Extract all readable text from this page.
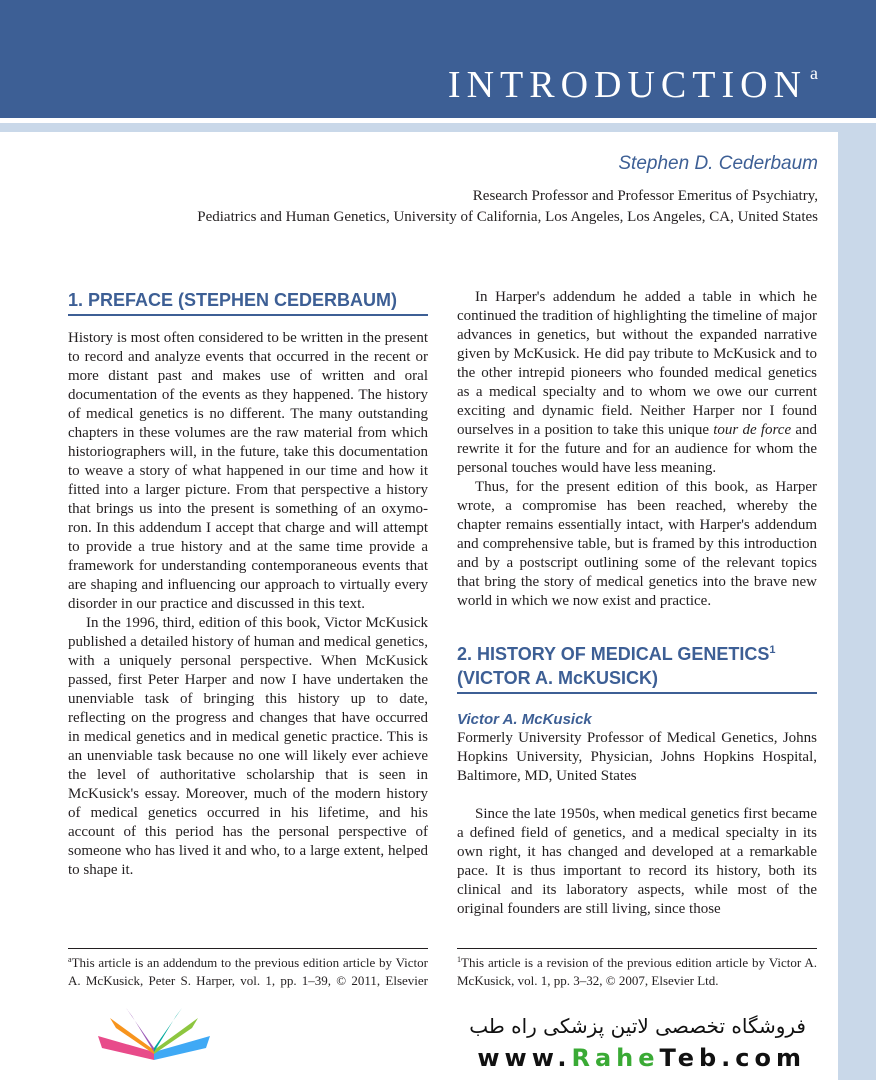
INTRODUCTION $^a$
Stephen D. Cederbaum
Research Professor and Professor Emeritus of Psychiatry,
Pediatrics and Human Genetics, University of California, Los Angeles, Los Angeles, CA, United States
1. PREFACE (STEPHEN CEDERBAUM)

History is most often considered to be written in the present to record and analyze events that occurred in the recent or more distant past and makes use of written and oral documentation of the events as they happened. The history of medical genetics is no different. The many outstanding chapters in these volumes are the raw material from which historiographers will, in the future, take this documentation to weave a story of what happened in our time and how it fitted into a larger picture. From that perspective a history that brings us into the present is something of an oxymoron. In this addendum I accept that charge and will attempt to provide a true history and at the same time provide a framework for understanding contemporaneous events that are shaping and influencing our approach to virtually every disorder in our practice and discussed in this text.

In the 1996, third, edition of this book, Victor McKusick published a detailed history of human and medical genetics, with a uniquely personal perspective. When McKusick passed, first Peter Harper and now I have undertaken the unenviable task of bringing this history up to date, reflecting on the progress and changes that have occurred in medical genetics and in medical genetic practice. This is an unenviable task because no one will likely ever achieve the level of authoritative scholarship that is seen in McKusick's essay. Moreover, much of the modern history of medical genetics occurred in his lifetime, and his account of this period has the personal perspective of someone who has lived it and who, to a large extent, helped to shape it.

In Harper's addendum he added a table in which he continued the tradition of highlighting the timeline of major advances in genetics, but without the expanded narrative given by McKusick. He did pay tribute to McKusick and to the other intrepid pioneers who founded medical genetics as a medical specialty and to whom we owe our current exciting and dynamic field. Neither Harper nor I found ourselves in a position to take this unique tour de force and rewrite it for the future and for an audience for whom the personal touches would have less meaning.

Thus, for the present edition of this book, as Harper wrote, a compromise has been reached, whereby the chapter remains essentially intact, with Harper's addendum and comprehensive table, but is framed by this introduction and by a postscript outlining some of the relevant topics that bring the story of medical genetics into the brave new world in which we now exist and practice.

2. HISTORY OF MEDICAL GENETICS$^1$
(VICTOR A. McKUSICK)
Victor A. McKusick
Formerly University Professor of Medical Genetics, Johns Hopkins University, Physician, Johns Hopkins Hospital, Baltimore, MD, United States

Since the late 1950s, when medical genetics first became a defined field of genetics, and a medical specialty in its own right, it has changed and developed at a remarkable pace. It is thus important to record its history, both its clinical and its laboratory aspects, while most of the original founders are still living, since those

$^a$This article is an addendum to the previous edition article by Victor A. McKusick, Peter S. Harper, vol. 1, pp. 1–39, © 2011, Elsevier
$^1$This article is a revision of the previous edition article by Victor A. McKusick, vol. 1, pp. 3–32, © 2007, Elsevier Ltd.
فروشگاه تخصصی لاتین پزشکی راه طب
www.RaheTeb.com
